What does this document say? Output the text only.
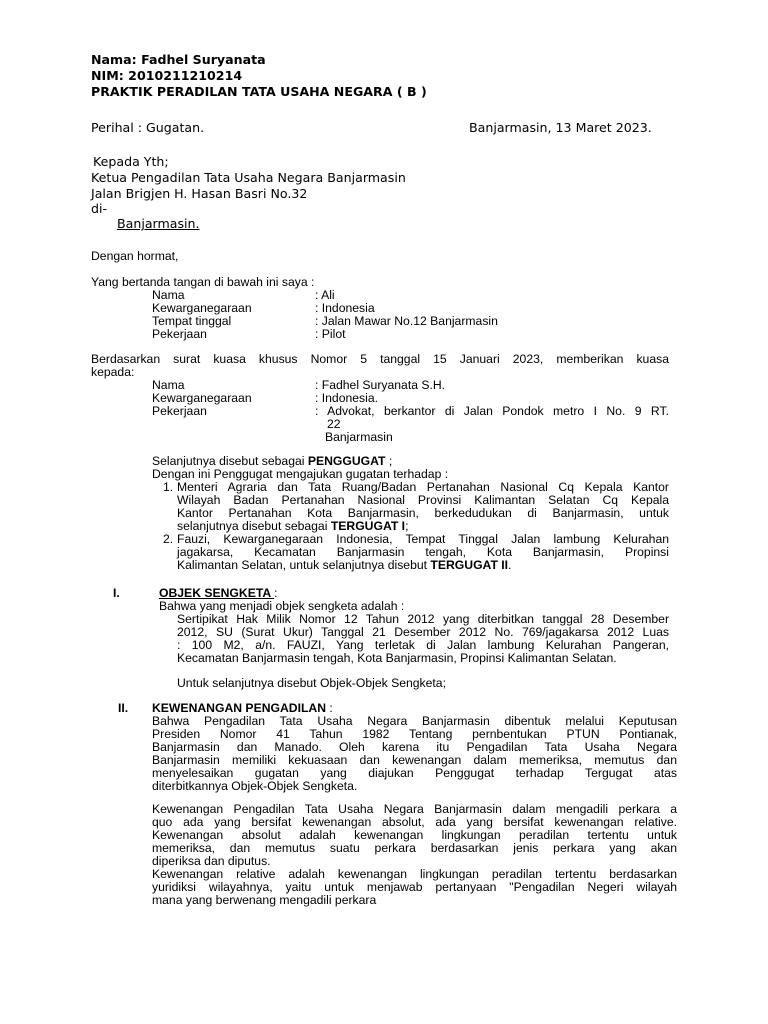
Nama: Fadhel Suryanata
NIM: 2010211210214
PRAKTIK PERADILAN TATA USAHA NEGARA ( B )
Perihal : Gugatan.	Banjarmasin, 13 Maret 2023.
Kepada Yth;
Ketua Pengadilan Tata Usaha Negara Banjarmasin
Jalan Brigjen H. Hasan Basri No.32
di-
Banjarmasin.
Dengan hormat,
Yang bertanda tangan di bawah ini saya :
Nama	: Ali
Kewarganegaraan	: Indonesia
Tempat tinggal	: Jalan Mawar No.12 Banjarmasin
Pekerjaan	: Pilot
Berdasarkan surat kuasa khusus Nomor 5 tanggal 15 Januari 2023, memberikan kuasa
kepada:
Nama	: Fadhel Suryanata S.H.
Kewarganegaraan	: Indonesia.
Pekerjaan	: Advokat, berkantor di Jalan Pondok metro I No. 9 RT.
22
Banjarmasin
Selanjutnya disebut sebagai PENGGUGAT ;
Dengan ini Penggugat mengajukan gugatan terhadap :
1. Menteri Agraria dan Tata Ruang/Badan Pertanahan Nasional Cq Kepala Kantor
Wilayah Badan Pertanahan Nasional Provinsi Kalimantan Selatan Cq Kepala
Kantor Pertanahan Kota Banjarmasin, berkedudukan di Banjarmasin, untuk
selanjutnya disebut sebagai TERGUGAT I;
2. Fauzi, Kewarganegaraan Indonesia, Tempat Tinggal Jalan lambung Kelurahan
jagakarsa, Kecamatan Banjarmasin tengah, Kota Banjarmasin, Propinsi
Kalimantan Selatan, untuk selanjutnya disebut TERGUGAT II.
I.	OBJEK SENGKETA :
Bahwa yang menjadi objek sengketa adalah :
Sertipikat Hak Milik Nomor 12 Tahun 2012 yang diterbitkan tanggal 28 Desember
2012, SU (Surat Ukur) Tanggal 21 Desember 2012 No. 769/jagakarsa 2012 Luas
: 100 M2, a/n. FAUZI, Yang terletak di Jalan lambung Kelurahan Pangeran,
Kecamatan Banjarmasin tengah, Kota Banjarmasin, Propinsi Kalimantan Selatan.
Untuk selanjutnya disebut Objek-Objek Sengketa;
II. KEWENANGAN PENGADILAN :
Bahwa Pengadilan Tata Usaha Negara Banjarmasin dibentuk melalui Keputusan
Presiden Nomor 41 Tahun 1982 Tentang pernbentukan PTUN Pontianak,
Banjarmasin dan Manado. Oleh karena itu Pengadilan Tata Usaha Negara
Banjarmasin memiliki kekuasaan dan kewenangan dalam memeriksa, memutus dan
menyelesaikan gugatan yang diajukan Penggugat terhadap Tergugat atas
diterbitkannya Objek-Objek Sengketa.
Kewenangan Pengadilan Tata Usaha Negara Banjarmasin dalam mengadili perkara a
quo ada yang bersifat kewenangan absolut, ada yang bersifat kewenangan relative.
Kewenangan absolut adalah kewenangan lingkungan peradilan tertentu untuk
memeriksa, dan memutus suatu perkara berdasarkan jenis perkara yang akan
diperiksa dan diputus.
Kewenangan relative adalah kewenangan lingkungan peradilan tertentu berdasarkan
yuridiksi wilayahnya, yaitu untuk menjawab pertanyaan "Pengadilan Negeri wilayah
mana yang berwenang mengadili perkara
